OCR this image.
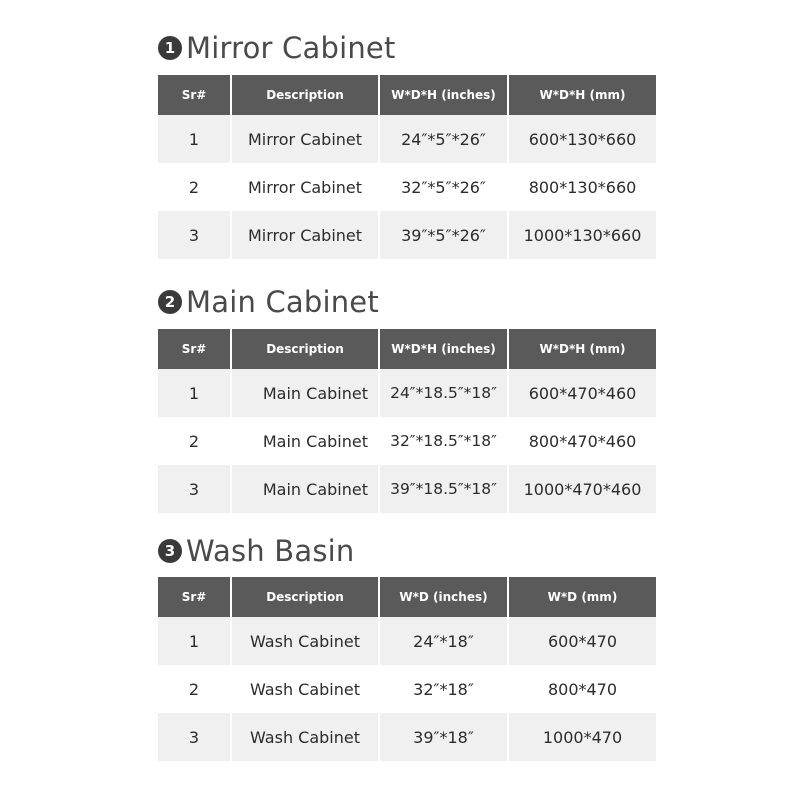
1 Mirror Cabinet
Sr#	Description	W*D*H (inches)	W*D*H (mm)
1	Mirror Cabinet	24″*5″*26″	600*130*660
2	Mirror Cabinet	32″*5″*26″	800*130*660
3	Mirror Cabinet	39″*5″*26″	1000*130*660
2 Main Cabinet
Sr#	Description	W*D*H (inches)	W*D*H (mm)
1	Main Cabinet	24″*18.5″*18″	600*470*460
2	Main Cabinet	32″*18.5″*18″	800*470*460
3	Main Cabinet	39″*18.5″*18″	1000*470*460
3 Wash Basin
Sr#	Description	W*D (inches)	W*D (mm)
1	Wash Cabinet	24″*18″	600*470
2	Wash Cabinet	32″*18″	800*470
3	Wash Cabinet	39″*18″	1000*470
